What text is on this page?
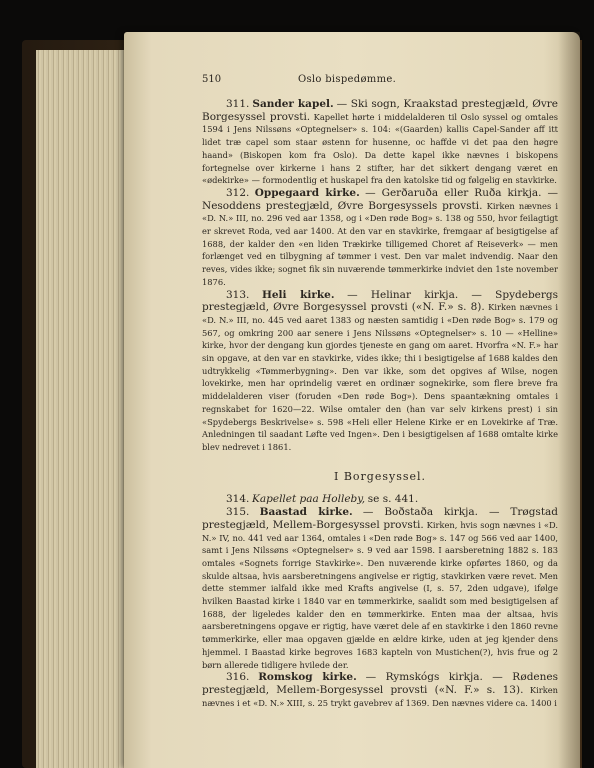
510	Oslo bispedømme.

311. Sander kapel. — Ski sogn, Kraakstad prestegjæld, Øvre Borgesyssel provsti. Kapellet hørte i middelalderen til Oslo syssel og omtales 1594 i Jens Nilssøns «Optegnelser» s. 104: «(Gaarden) kallis Capel-Sander aff itt lidet træ capel som staar østenn for husenne, oc haffde vi det paa den høgre haand» (Biskopen kom fra Oslo). Da dette kapel ikke nævnes i biskopens fortegnelse over kirkerne i hans 2 stifter, har det sikkert dengang været en «ødekirke» — formodentlig et huskapel fra den katolske tid og følgelig en stavkirke.

312. Oppegaard kirke. — Gerðaruða eller Ruða kirkja. — Nesoddens prestegjæld, Øvre Borgesyssels provsti. Kirken nævnes i «D. N.» III, no. 296 ved aar 1358, og i «Den røde Bog» s. 138 og 550, hvor feilagtigt er skrevet Roda, ved aar 1400. At den var en stavkirke, fremgaar af besigtigelse af 1688, der kalder den «en liden Trækirke tilligemed Choret af Reiseverk» — men forlænget ved en tilbygning af tømmer i vest. Den var malet indvendig. Naar den reves, vides ikke; sognet fik sin nuværende tømmerkirke indviet den 1ste november 1876.

313. Heli kirke. — Helinar kirkja. — Spydebergs prestegjæld, Øvre Borgesyssel provsti («N. F.» s. 8). Kirken nævnes i «D. N.» III, no. 445 ved aaret 1383 og næsten samtidig i «Den røde Bog» s. 179 og 567, og omkring 200 aar senere i Jens Nilssøns «Optegnelser» s. 10 — «Helline» kirke, hvor der dengang kun gjordes tjeneste en gang om aaret. Hvorfra «N. F.» har sin opgave, at den var en stavkirke, vides ikke; thi i besigtigelse af 1688 kaldes den udtrykkelig «Tømmerbygning». Den var ikke, som det opgives af Wilse, nogen lovekirke, men har oprindelig været en ordinær sognekirke, som flere breve fra middelalderen viser (foruden «Den røde Bog»). Dens spaantækning omtales i regnskabet for 1620—22. Wilse omtaler den (han var selv kirkens prest) i sin «Spydebergs Beskrivelse» s. 598 «Heli eller Helene Kirke er en Lovekirke af Træ. Anledningen til saadant Løfte ved Ingen». Den i besigtigelsen af 1688 omtalte kirke blev nedrevet i 1861.

I Borgesyssel.

314. Kapellet paa Holleby, se s. 441.

315. Baastad kirke. — Boðstaða kirkja. — Trøgstad prestegjæld, Mellem-Borgesyssel provsti. Kirken, hvis sogn nævnes i «D. N.» IV, no. 441 ved aar 1364, omtales i «Den røde Bog» s. 147 og 566 ved aar 1400, samt i Jens Nilssøns «Optegnelser» s. 9 ved aar 1598. I aarsberetning 1882 s. 183 omtales «Sognets forrige Stavkirke». Den nuværende kirke opførtes 1860, og da skulde altsaa, hvis aarsberetningens angivelse er rigtig, stavkirken være revet. Men dette stemmer ialfald ikke med Krafts angivelse (I, s. 57, 2den udgave), ifølge hvilken Baastad kirke i 1840 var en tømmerkirke, saalidt som med besigtigelsen af 1688, der ligeledes kalder den en tømmerkirke. Enten maa der altsaa, hvis aarsberetningens opgave er rigtig, have været dele af en stavkirke i den 1860 revne tømmerkirke, eller maa opgaven gjælde en ældre kirke, uden at jeg kjender dens hjemmel. I Baastad kirke begroves 1683 kapteln von Mustichen(?), hvis frue og 2 børn allerede tidligere hvilede der.

316. Romskog kirke. — Rymskógs kirkja. — Rødenes prestegjæld, Mellem-Borgesyssel provsti («N. F.» s. 13). Kirken nævnes i et «D. N.» XIII, s. 25 trykt gavebrev af 1369. Den nævnes videre ca. 1400 i
